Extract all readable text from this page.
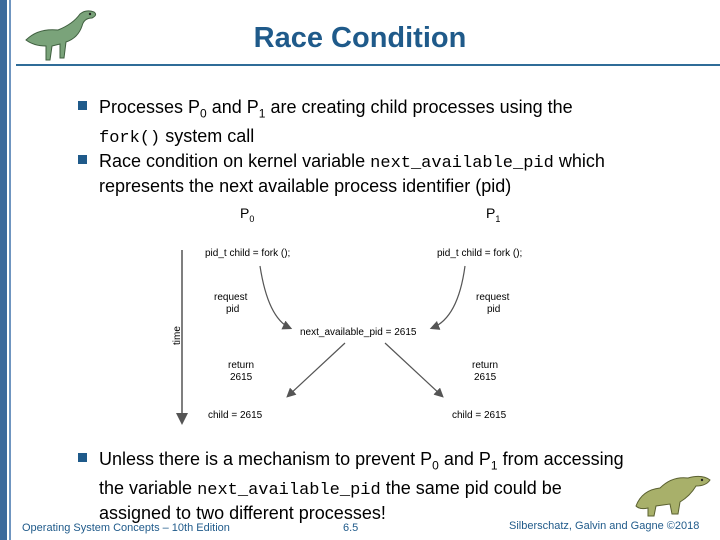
Race Condition
Processes $P_0$ and $P_1$ are creating child processes using the
fork() system call
Race condition on kernel variable next_available_pid which
represents the next available process identifier (pid)
$P_0$	$P_1$
pid_t child = fork ();	pid_t child = fork ();
time
request
pid
request
pid
next_available_pid = 2615
return
2615
return
2615
child = 2615	child = 2615
Unless there is a mechanism to prevent $P_0$ and $P_1$ from accessing
the variable next_available_pid the same pid could be
assigned to two different processes!
Operating System Concepts – 10th Edition	6.5	Silberschatz, Galvin and Gagne ©2018
